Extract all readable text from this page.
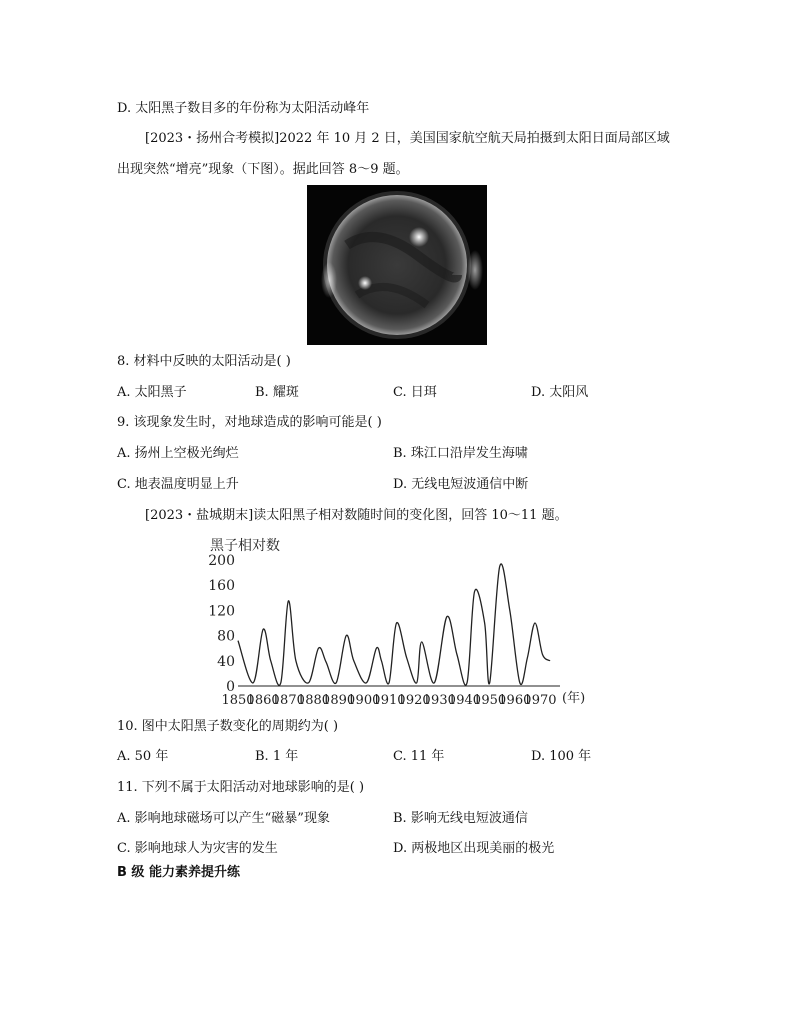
D. 太阳黑子数目多的年份称为太阳活动峰年
[2023・扬州合考模拟]2022 年 10 月 2 日，美国国家航空航天局拍摄到太阳日面局部区域
出现突然“增亮”现象（下图）。据此回答 8～9 题。
8. 材料中反映的太阳活动是( )
A. 太阳黑子	B. 耀斑	C. 日珥	D. 太阳风
9. 该现象发生时，对地球造成的影响可能是( )
A. 扬州上空极光绚烂	B. 珠江口沿岸发生海啸
C. 地表温度明显上升	D. 无线电短波通信中断
[2023・盐城期末]读太阳黑子相对数随时间的变化图，回答 10～11 题。
黑子相对数
0
40
80
120
160
200
1850
1860
1870
1880
1890
1900
1910
1920
1930
1940
1950
1960
1970 (年)
10. 图中太阳黑子数变化的周期约为( )
A. 50 年	B. 1 年	C. 11 年	D. 100 年
11. 下列不属于太阳活动对地球影响的是( )
A. 影响地球磁场可以产生“磁暴”现象	B. 影响无线电短波通信
C. 影响地球人为灾害的发生	D. 两极地区出现美丽的极光
B 级 能力素养提升练
